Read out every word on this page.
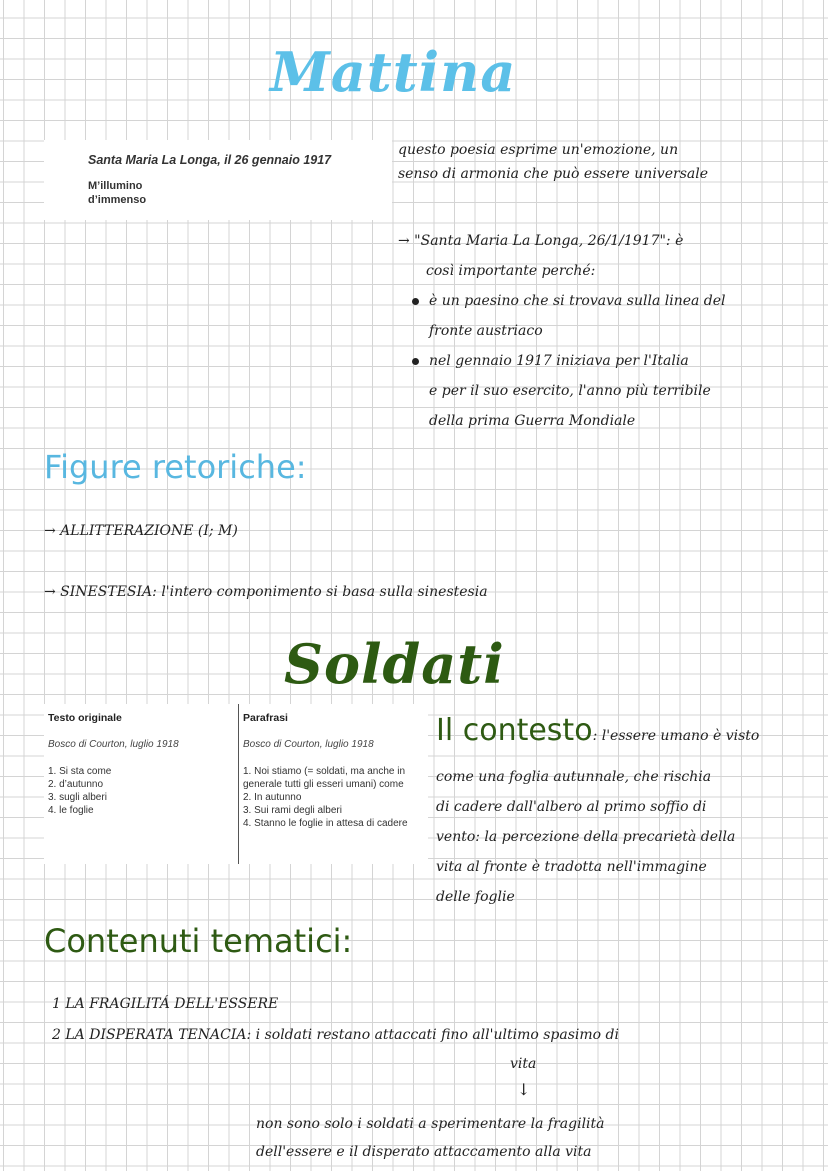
Mattina
Santa Maria La Longa, il 26 gennaio 1917
M’illumino
d’immenso
questo poesia esprime un'emozione, un
senso di armonia che può essere universale
→ "Santa Maria La Longa, 26/1/1917": è
così importante perché:
è un paesino che si trovava sulla linea del
fronte austriaco
nel gennaio 1917 iniziava per l'Italia
e per il suo esercito, l'anno più terribile
della prima Guerra Mondiale
Figure retoriche:
→ ALLITTERAZIONE (I; M)
→ SINESTESIA: l'intero componimento si basa sulla sinestesia
Soldati
Testo originale	Parafrasi
Bosco di Courton, luglio 1918	Bosco di Courton, luglio 1918
1. Si sta come
2. d’autunno
3. sugli alberi
4. le foglie
1. Noi stiamo (= soldati, ma anche in
generale tutti gli esseri umani) come
2. In autunno
3. Sui rami degli alberi
4. Stanno le foglie in attesa di cadere
Il contesto: l'essere umano è visto
come una foglia autunnale, che rischia
di cadere dall'albero al primo soffio di
vento: la percezione della precarietà della
vita al fronte è tradotta nell'immagine
delle foglie
Contenuti tematici:
1 LA FRAGILITÁ DELL'ESSERE
2 LA DISPERATA TENACIA: i soldati restano attaccati fino all'ultimo spasimo di
vita
↓
non sono solo i soldati a sperimentare la fragilità
dell'essere e il disperato attaccamento alla vita
